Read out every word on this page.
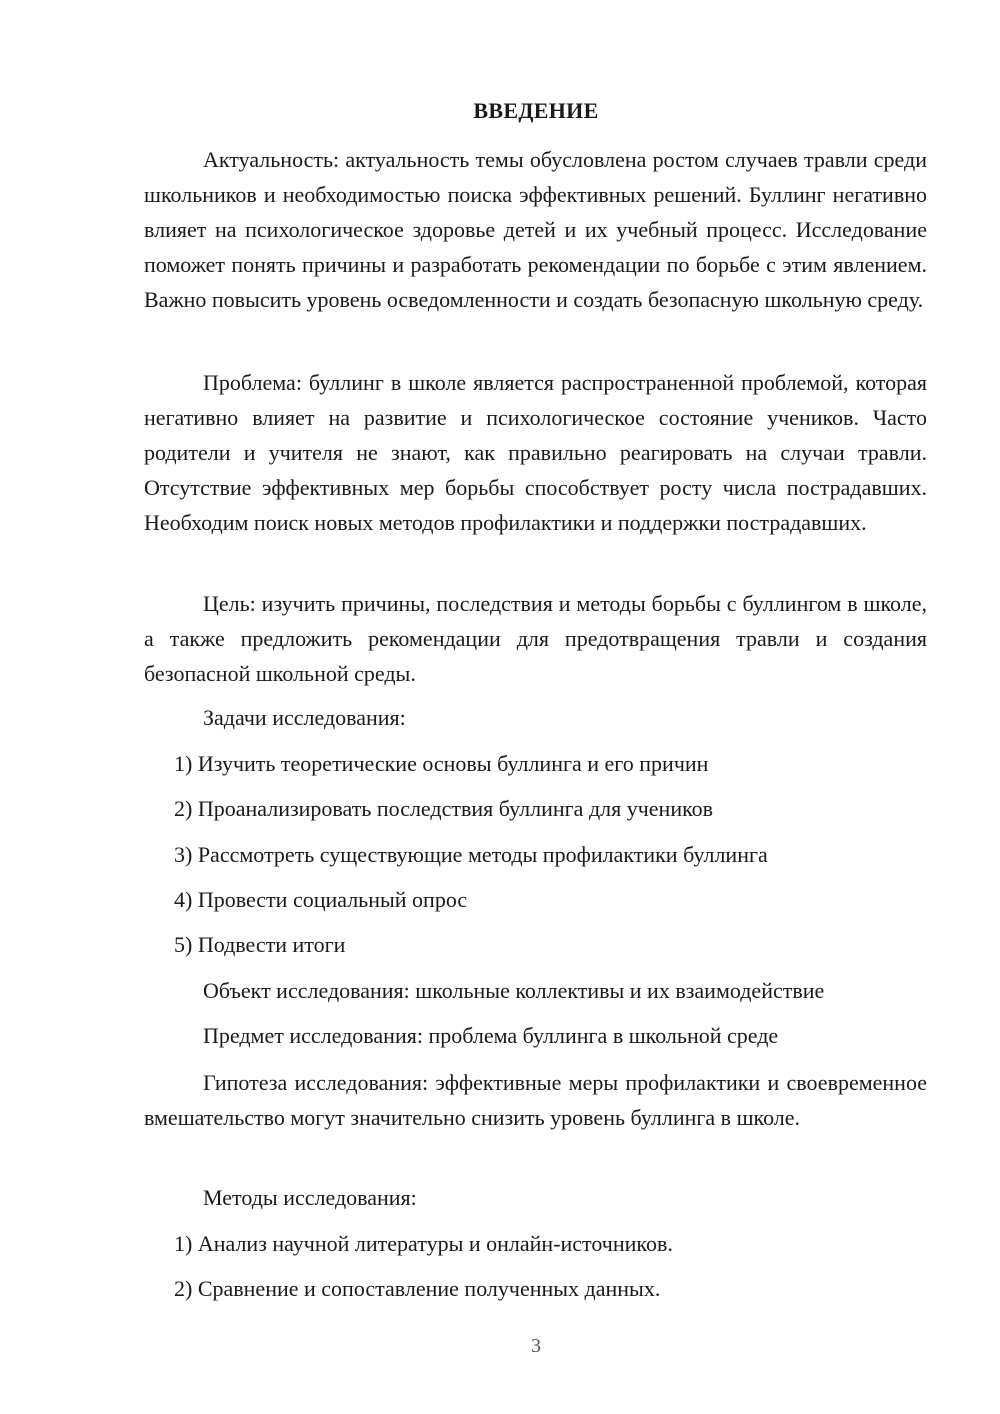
ВВЕДЕНИЕ

Актуальность: актуальность темы обусловлена ростом случаев травли среди школьников и необходимостью поиска эффективных решений. Буллинг негативно влияет на психологическое здоровье детей и их учебный процесс. Исследование поможет понять причины и разработать рекомендации по борьбе с этим явлением. Важно повысить уровень осведомленности и создать безопасную школьную среду.

Проблема: буллинг в школе является распространенной проблемой, которая негативно влияет на развитие и психологическое состояние учеников. Часто родители и учителя не знают, как правильно реагировать на случаи травли. Отсутствие эффективных мер борьбы способствует росту числа пострадавших. Необходим поиск новых методов профилактики и поддержки пострадавших.

Цель: изучить причины, последствия и методы борьбы с буллингом в школе, а также предложить рекомендации для предотвращения травли и создания безопасной школьной среды.

Задачи исследования:

1) Изучить теоретические основы буллинга и его причин

2) Проанализировать последствия буллинга для учеников

3) Рассмотреть существующие методы профилактики буллинга

4) Провести социальный опрос

5) Подвести итоги

Объект исследования: школьные коллективы и их взаимодействие

Предмет исследования: проблема буллинга в школьной среде

Гипотеза исследования: эффективные меры профилактики и своевременное вмешательство могут значительно снизить уровень буллинга в школе.

Методы исследования:

1) Анализ научной литературы и онлайн-источников.

2) Сравнение и сопоставление полученных данных.

3
